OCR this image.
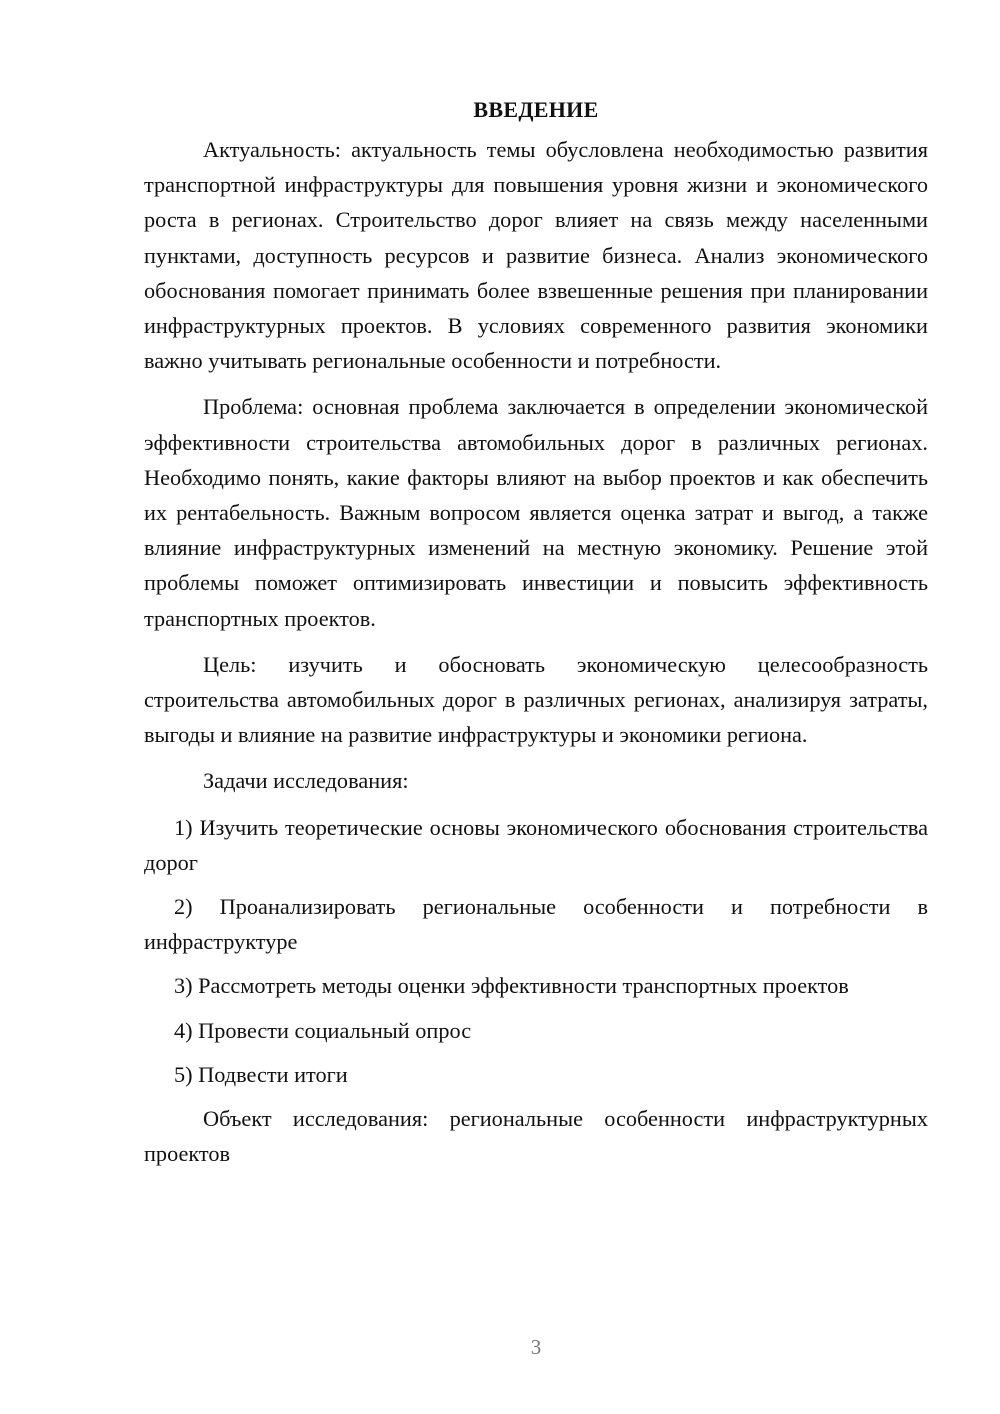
ВВЕДЕНИЕ

Актуальность: актуальность темы обусловлена необходимостью развития транспортной инфраструктуры для повышения уровня жизни и экономического роста в регионах. Строительство дорог влияет на связь между населенными пунктами, доступность ресурсов и развитие бизнеса. Анализ экономического обоснования помогает принимать более взвешенные решения при планировании инфраструктурных проектов. В условиях современного развития экономики важно учитывать региональные особенности и потребности.

Проблема: основная проблема заключается в определении экономической эффективности строительства автомобильных дорог в различных регионах. Необходимо понять, какие факторы влияют на выбор проектов и как обеспечить их рентабельность. Важным вопросом является оценка затрат и выгод, а также влияние инфраструктурных изменений на местную экономику. Решение этой проблемы поможет оптимизировать инвестиции и повысить эффективность транспортных проектов.

Цель: изучить и обосновать экономическую целесообразность строительства автомобильных дорог в различных регионах, анализируя затраты, выгоды и влияние на развитие инфраструктуры и экономики региона.

Задачи исследования:

1) Изучить теоретические основы экономического обоснования строительства дорог

2) Проанализировать региональные особенности и потребности в инфраструктуре

3) Рассмотреть методы оценки эффективности транспортных проектов

4) Провести социальный опрос

5) Подвести итоги

Объект исследования: региональные особенности инфраструктурных проектов

3
